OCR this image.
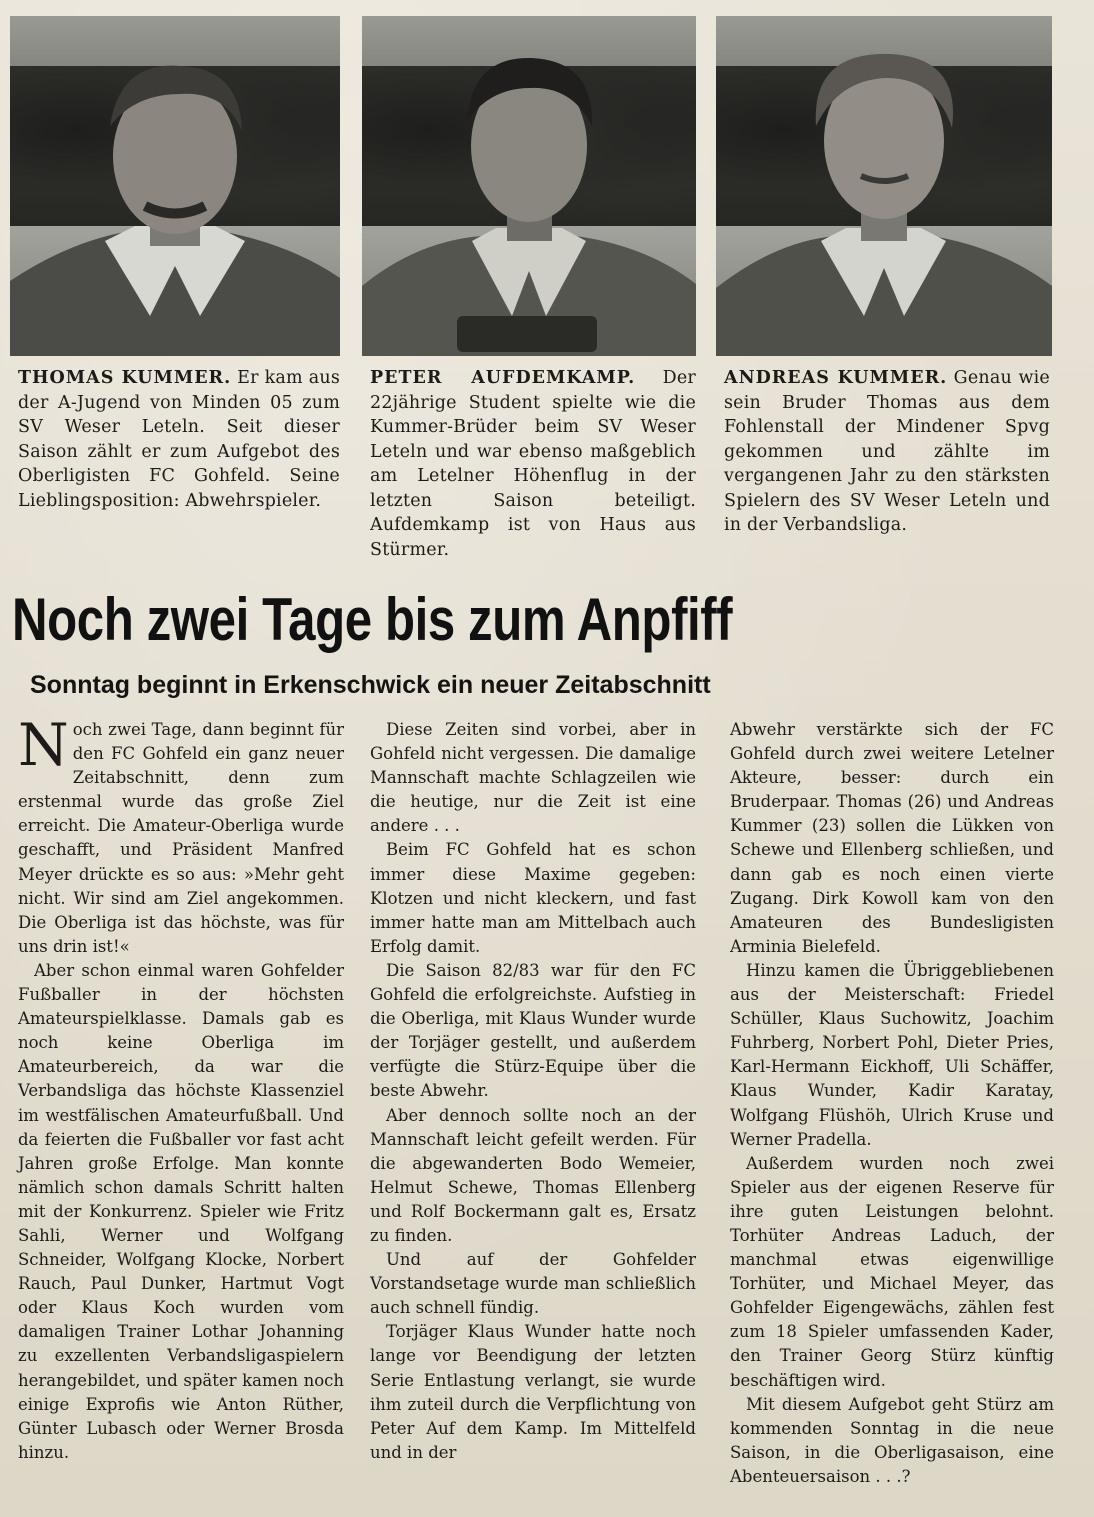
THOMAS KUMMER. Er kam aus der A-Jugend von Minden 05 zum SV Weser Leteln. Seit dieser Saison zählt er zum Aufgebot des Oberligisten FC Gohfeld. Seine Lieblingsposition: Abwehrspieler.
PETER AUFDEMKAMP. Der 22jährige Student spielte wie die Kummer-Brüder beim SV Weser Leteln und war ebenso maßgeblich am Letelner Höhenflug in der letzten Saison beteiligt. Aufdemkamp ist von Haus aus Stürmer.
ANDREAS KUMMER. Genau wie sein Bruder Thomas aus dem Fohlenstall der Mindener Spvg gekommen und zählte im vergangenen Jahr zu den stärksten Spielern des SV Weser Leteln und in der Verbandsliga.
Noch zwei Tage bis zum Anpfiff
Sonntag beginnt in Erkenschwick ein neuer Zeitabschnitt

Noch zwei Tage, dann beginnt für den FC Gohfeld ein ganz neuer Zeitabschnitt, denn zum erstenmal wurde das große Ziel erreicht. Die Amateur-Oberliga wurde geschafft, und Präsident Manfred Meyer drückte es so aus: »Mehr geht nicht. Wir sind am Ziel angekommen. Die Oberliga ist das höchste, was für uns drin ist!«

Aber schon einmal waren Gohfelder Fußballer in der höchsten Amateurspielklasse. Damals gab es noch keine Oberliga im Amateurbereich, da war die Verbandsliga das höchste Klassenziel im westfälischen Amateurfußball. Und da feierten die Fußballer vor fast acht Jahren große Erfolge. Man konnte nämlich schon damals Schritt halten mit der Konkurrenz. Spieler wie Fritz Sahli, Werner und Wolfgang Schneider, Wolfgang Klocke, Norbert Rauch, Paul Dunker, Hartmut Vogt oder Klaus Koch wurden vom damaligen Trainer Lothar Johanning zu exzellenten Verbandsligaspielern herangebildet, und später kamen noch einige Exprofis wie Anton Rüther, Günter Lubasch oder Werner Brosda hinzu.

Diese Zeiten sind vorbei, aber in Gohfeld nicht vergessen. Die damalige Mannschaft machte Schlagzeilen wie die heutige, nur die Zeit ist eine andere . . .

Beim FC Gohfeld hat es schon immer diese Maxime gegeben: Klotzen und nicht kleckern, und fast immer hatte man am Mittelbach auch Erfolg damit.

Die Saison 82/83 war für den FC Gohfeld die erfolgreichste. Aufstieg in die Oberliga, mit Klaus Wunder wurde der Torjäger gestellt, und außerdem verfügte die Stürz-Equipe über die beste Abwehr.

Aber dennoch sollte noch an der Mannschaft leicht gefeilt werden. Für die abgewanderten Bodo Wemeier, Helmut Schewe, Thomas Ellenberg und Rolf Bockermann galt es, Ersatz zu finden.

Und auf der Gohfelder Vorstandsetage wurde man schließlich auch schnell fündig.

Torjäger Klaus Wunder hatte noch lange vor Beendigung der letzten Serie Entlastung verlangt, sie wurde ihm zuteil durch die Verpflichtung von Peter Auf dem Kamp. Im Mittelfeld und in der

Abwehr verstärkte sich der FC Gohfeld durch zwei weitere Letelner Akteure, besser: durch ein Bruderpaar. Thomas (26) und Andreas Kummer (23) sollen die Lükken von Schewe und Ellenberg schließen, und dann gab es noch einen vierte Zugang. Dirk Kowoll kam von den Amateuren des Bundesligisten Arminia Bielefeld.

Hinzu kamen die Übriggebliebenen aus der Meisterschaft: Friedel Schüller, Klaus Suchowitz, Joachim Fuhrberg, Norbert Pohl, Dieter Pries, Karl-Hermann Eickhoff, Uli Schäffer, Klaus Wunder, Kadir Karatay, Wolfgang Flüshöh, Ulrich Kruse und Werner Pradella.

Außerdem wurden noch zwei Spieler aus der eigenen Reserve für ihre guten Leistungen belohnt. Torhüter Andreas Laduch, der manchmal etwas eigenwillige Torhüter, und Michael Meyer, das Gohfelder Eigengewächs, zählen fest zum 18 Spieler umfassenden Kader, den Trainer Georg Stürz künftig beschäftigen wird.

Mit diesem Aufgebot geht Stürz am kommenden Sonntag in die neue Saison, in die Oberligasaison, eine Abenteuersaison . . .?
